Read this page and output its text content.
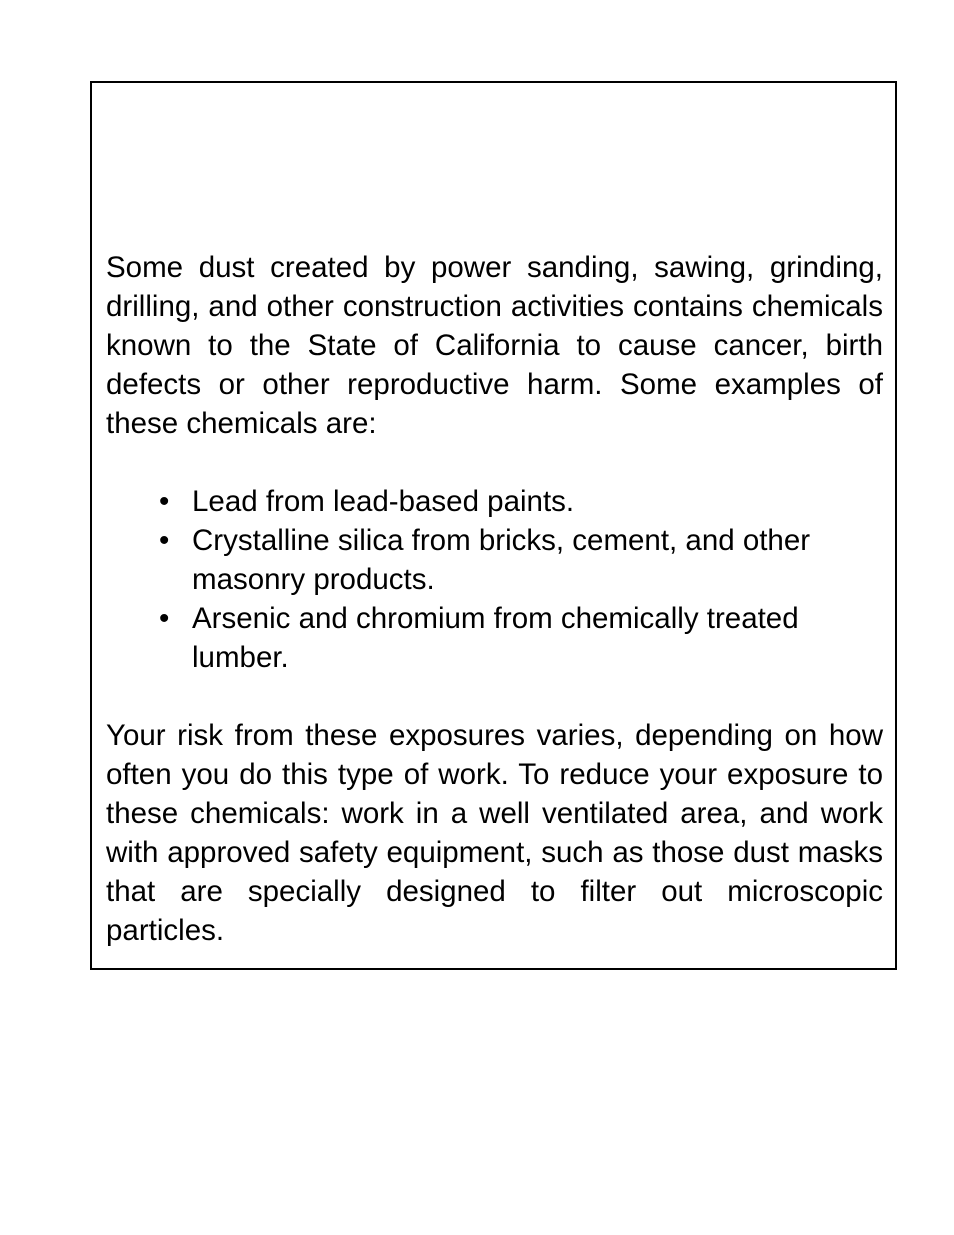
Some dust created by power sanding, sawing, grinding, drilling, and other construction activities contains chemicals known to the State of California to cause cancer, birth defects or other reproductive harm. Some examples of these chemicals are:

• Lead from lead-based paints.
• Crystalline silica from bricks, cement, and other masonry products.
• Arsenic and chromium from chemically treated lumber.

Your risk from these exposures varies, depending on how often you do this type of work. To reduce your exposure to these chemicals: work in a well ventilated area, and work with approved safety equipment, such as those dust masks that are specially designed to filter out microscopic particles.
